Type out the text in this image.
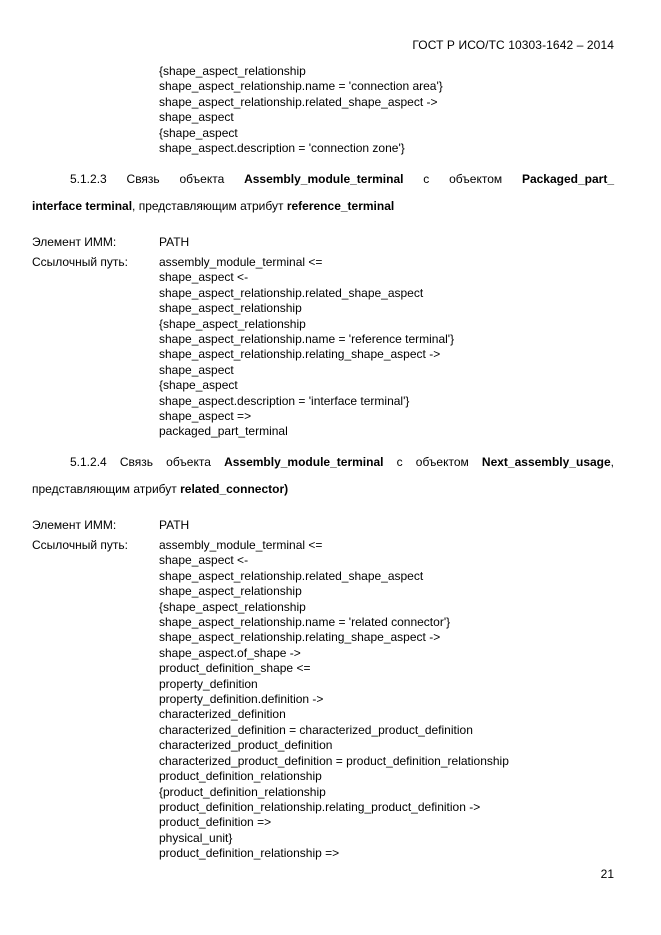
ГОСТ Р ИСО/ТС 10303-1642 – 2014
{shape_aspect_relationship
shape_aspect_relationship.name = 'connection area'}
shape_aspect_relationship.related_shape_aspect ->
shape_aspect
{shape_aspect
shape_aspect.description = 'connection zone'}
5.1.2.3 Связь объекта Assembly_module_terminal с объектом Packaged_part_
interface terminal, представляющим атрибут reference_terminal
Элемент ИММ:	PATH
Ссылочный путь:	assembly_module_terminal <=
shape_aspect <-
shape_aspect_relationship.related_shape_aspect
shape_aspect_relationship
{shape_aspect_relationship
shape_aspect_relationship.name = 'reference terminal'}
shape_aspect_relationship.relating_shape_aspect ->
shape_aspect
{shape_aspect
shape_aspect.description = 'interface terminal'}
shape_aspect =>
packaged_part_terminal
5.1.2.4 Связь объекта Assembly_module_terminal с объектом Next_assembly_usage,
представляющим атрибут related_connector)
Элемент ИММ:	PATH
Ссылочный путь:	assembly_module_terminal <=
shape_aspect <-
shape_aspect_relationship.related_shape_aspect
shape_aspect_relationship
{shape_aspect_relationship
shape_aspect_relationship.name = 'related connector'}
shape_aspect_relationship.relating_shape_aspect ->
shape_aspect.of_shape ->
product_definition_shape <=
property_definition
property_definition.definition ->
characterized_definition
characterized_definition = characterized_product_definition
characterized_product_definition
characterized_product_definition = product_definition_relationship
product_definition_relationship
{product_definition_relationship
product_definition_relationship.relating_product_definition ->
product_definition =>
physical_unit}
product_definition_relationship =>
21
